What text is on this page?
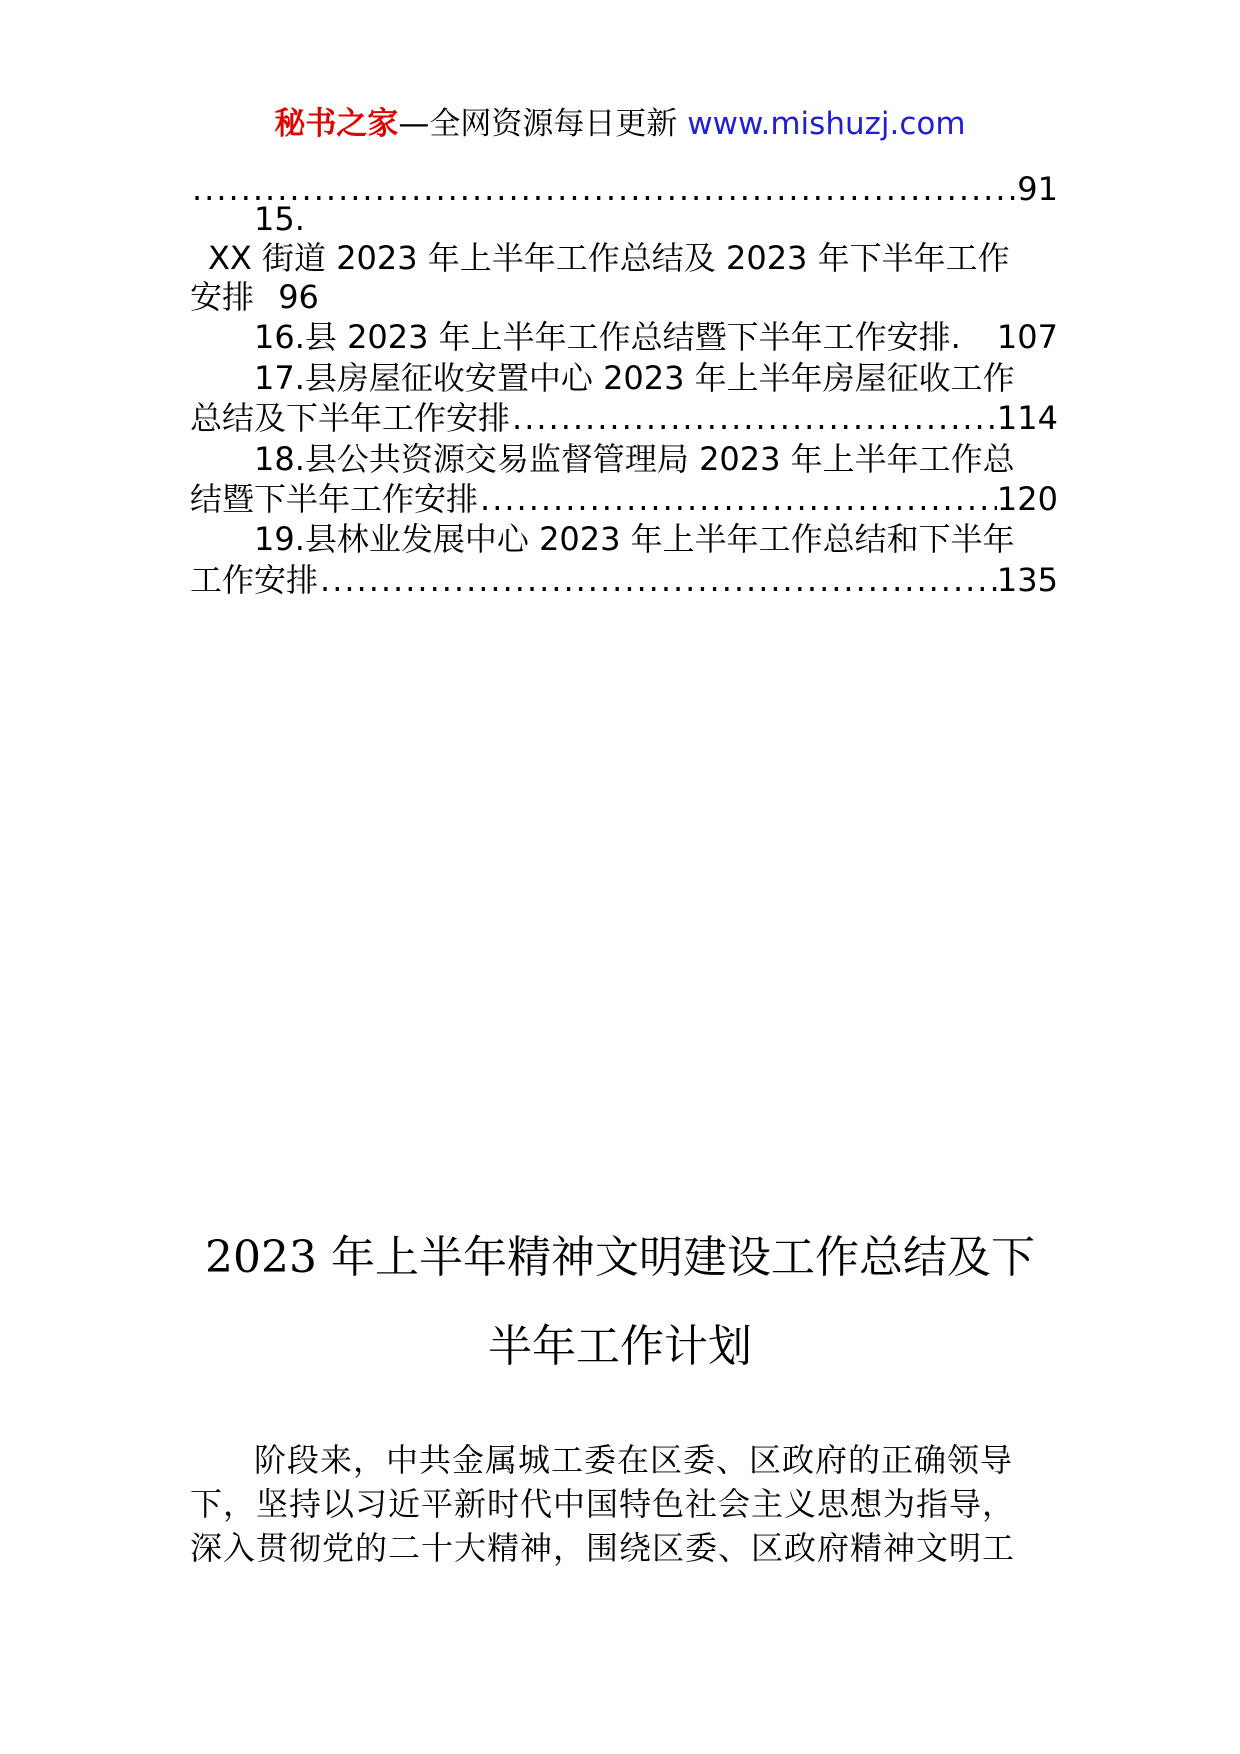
秘书之家—全网资源每日更新 www.mishuzj.com
.....
91
15.
XX 街道 2023 年上半年工作总结及 2023 年下半年工作
安排 96
16.县 2023 年上半年工作总结暨下半年工作安排. 107
17.县房屋征收安置中心 2023 年上半年房屋征收工作
总结及下半年工作安排 .....	114
18.县公共资源交易监督管理局 2023 年上半年工作总
结暨下半年工作安排 .....	120
19.县林业发展中心 2023 年上半年工作总结和下半年
工作安排 .....	135
2023 年上半年精神文明建设工作总结及下
半年工作计划
阶段来，中共金属城工委在区委、区政府的正确领导
下，坚持以习近平新时代中国特色社会主义思想为指导，
深入贯彻党的二十大精神，围绕区委、区政府精神文明工
